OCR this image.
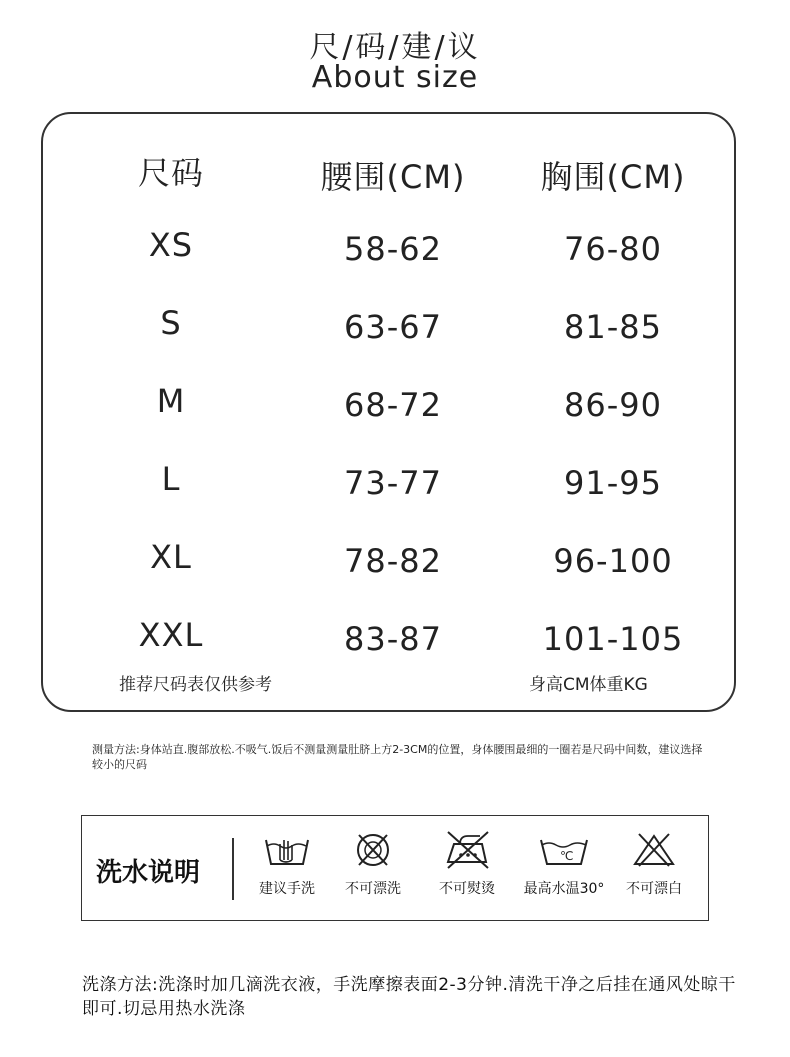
尺/码/建/议
About size
尺码	腰围(CM)	胸围(CM)
XS	58-62	76-80
S	63-67	81-85
M	68-72	86-90
L	73-77	91-95
XL	78-82	96-100
XXL	83-87	101-105
推荐尺码表仅供参考	身高CM体重KG
测量方法:身体站直.腹部放松.不吸气.饭后不测量测量肚脐上方2-3CM的位置，身体腰围最细的一圈若是尺码中间数，建议选择较小的尺码
洗水说明
建议手洗	不可漂洗	不可熨烫
℃
最高水温30°	不可漂白
洗涤方法:洗涤时加几滴洗衣液，手洗摩擦表面2-3分钟.清洗干净之后挂在通风处晾干即可.切忌用热水洗涤
